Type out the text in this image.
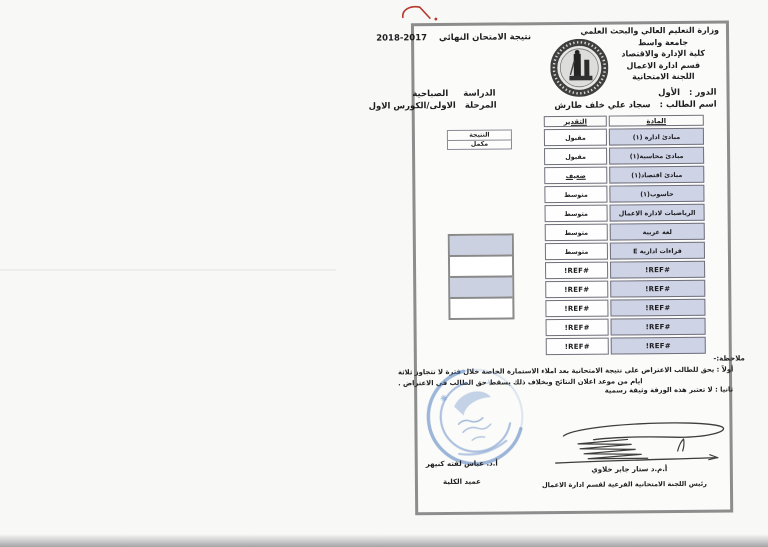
وزارة التعليم العالي والبحث العلمي
جامعة واسط
كلية الإدارة والاقتصاد
قسم ادارة الاعمال
اللجنة الامتحانية
نتيجة الامتحان النهائي 2018-2017
الدور : الأول
اسم الطالب : سجاد علي خلف طارش
الدراسة الصباحية
المرحلة الاولى/الكورس الاول
النتيجة
مكمل
المادة
التقدير
مبادئ ادارة (١)
مقبول
مبادئ محاسبة(١)
مقبول
مبادئ اقتصاد(١)
ضعيف
حاسوب(١)
متوسط
الرياضيات لادارة الاعمال
متوسط
لغة عربية
متوسط
قراءات ادارية E
متوسط
#REF!
#REF!
#REF!
#REF!
#REF!
#REF!
#REF!
#REF!
#REF!
#REF!
ملاحظة:-
أولاً : يحق للطالب الاعتراض على نتيجة الامتحانية بعد املاء الاستمارة الخاصة خلال فترة لا تتجاوز ثلاثة ايام من موعد اعلان النتائج وبخلاف ذلك يسقط حق الطالب في الاعتراض .
ثانيا : لا تعتبر هذه الورقة وثيقة رسمية
أ.د. عباس لفته كنيهر
عميد الكلية
أ.م.د ستار جابر خلاوي
رئيس اللجنة الامتحانية الفرعية لقسم ادارة الاعمال
